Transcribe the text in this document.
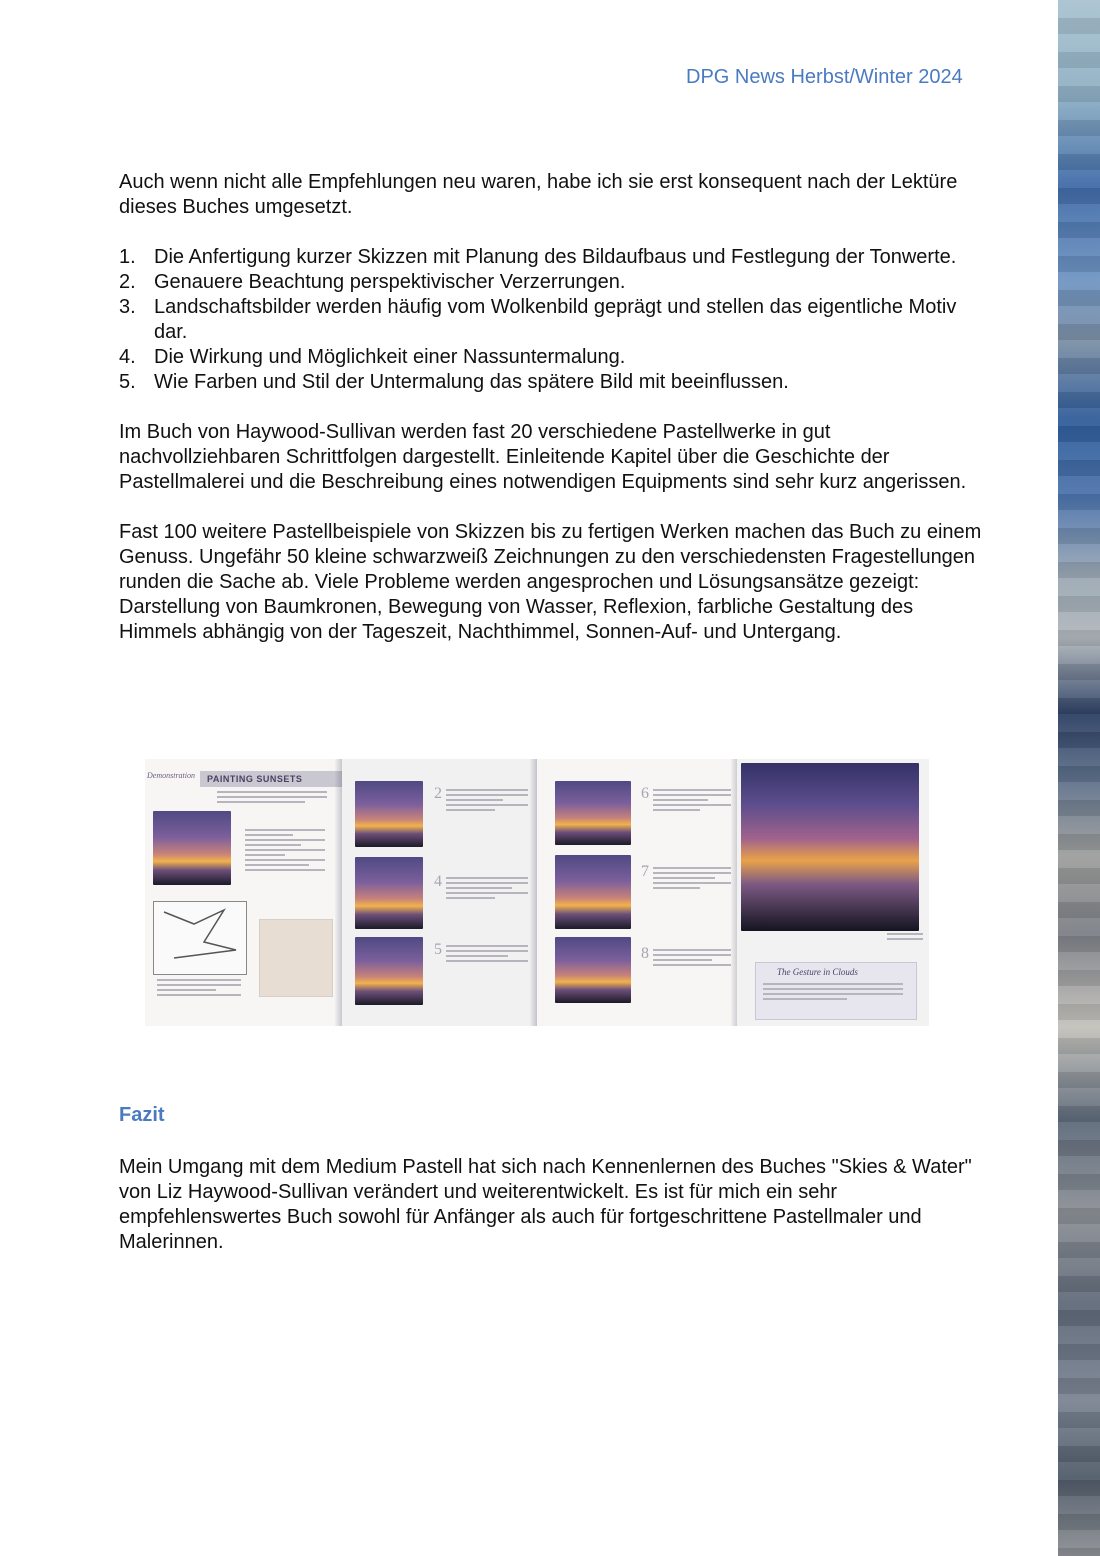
DPG News Herbst/Winter 2024

Auch wenn nicht alle Empfehlungen neu waren, habe ich sie erst konsequent nach der Lektüre dieses Buches umgesetzt.

1. Die Anfertigung kurzer Skizzen mit Planung des Bildaufbaus und Festlegung der Tonwerte.
2. Genauere Beachtung perspektivischer Verzerrungen.
3. Landschaftsbilder werden häufig vom Wolkenbild geprägt und stellen das eigentliche Motiv dar.
4. Die Wirkung und Möglichkeit einer Nassuntermalung.
5. Wie Farben und Stil der Untermalung das spätere Bild mit beeinflussen.

Im Buch von Haywood-Sullivan werden fast 20 verschiedene Pastellwerke in gut nachvollziehbaren Schrittfolgen dargestellt. Einleitende Kapitel über die Geschichte der Pastellmalerei und die Beschreibung eines notwendigen Equipments sind sehr kurz angerissen.

Fast 100 weitere Pastellbeispiele von Skizzen bis zu fertigen Werken machen das Buch zu einem Genuss. Ungefähr 50 kleine schwarzweiß Zeichnungen zu den verschiedensten Fragestellungen runden die Sache ab. Viele Probleme werden angesprochen und Lösungsansätze gezeigt: Darstellung von Baumkronen, Bewegung von Wasser, Reflexion, farbliche Gestaltung des Himmels abhängig von der Tageszeit, Nachthimmel, Sonnen-Auf- und Untergang.

Demonstration PAINTING SUNSETS
2
4
5
6
7
8
The Gesture in Clouds
Fazit

Mein Umgang mit dem Medium Pastell hat sich nach Kennenlernen des Buches "Skies & Water" von Liz Haywood-Sullivan verändert und weiterentwickelt. Es ist für mich ein sehr empfehlenswertes Buch sowohl für Anfänger als auch für fortgeschrittene Pastellmaler und Malerinnen.
